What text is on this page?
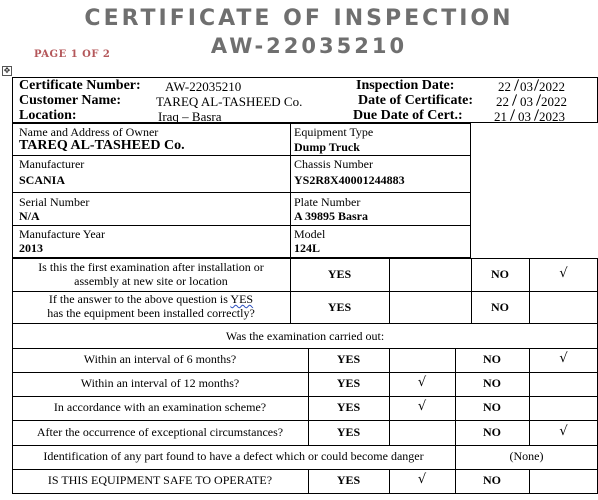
CERTIFICATE OF INSPECTION
AW-22035210
PAGE 1 OF 2
✥
Certificate Number: AW-22035210
Customer Name:	TAREQ AL-TASHEED Co.
Location:	Iraq – Basra
Inspection Date:	22 03 2022
Date of Certificate: 22 03 2022
Due Date of Cert.: 21 03 2023
Name and Address of Owner
TAREQ AL-TASHEED Co.
Equipment Type
Dump Truck
Manufacturer
SCANIA
Chassis Number
YS2R8X40001244883
Serial Number
N/A
Plate Number
A 39895 Basra
Manufacture Year
2013
Model
124L
Is this the first examination after installation or
assembly at new site or location	YES	NO	√
If the answer to the above question is YES
has the equipment been installed correctly?	YES	NO
Was the examination carried out:
Within an interval of 6 months?	YES	NO	√
Within an interval of 12 months?	YES	√	NO
In accordance with an examination scheme?	YES	√	NO
After the occurrence of exceptional circumstances?	YES	NO	√
Identification of any part found to have a defect which or could become danger	(None)
IS THIS EQUIPMENT SAFE TO OPERATE?	YES	√	NO
